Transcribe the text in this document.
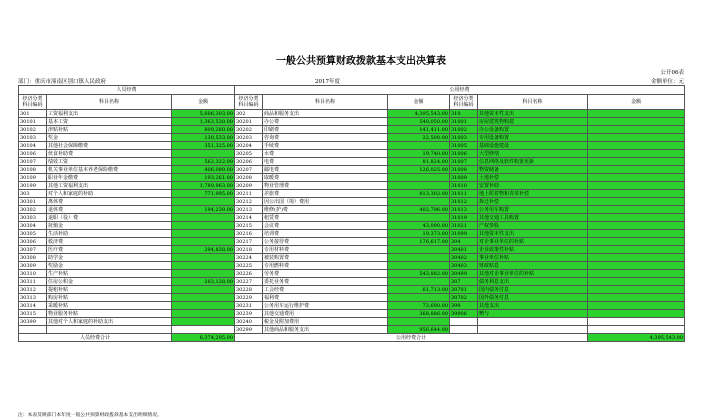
一般公共预算财政拨款基本支出决算表
公开06表
部门：重庆市潼南区别口镇人民政府	2017年度	金额单位：元
人员经费			公用经费					

经济分类
科目编码	科目名称	金额	经济分类
科目编码	科目名称	金额	经济分类
科目编码	科目名称	金额
301	工资福利支出	5,606,303.00	302	商品和服务支出	4,395,543.00	310	其他资本性支出	
30101	基本工资	1,363,530.00	30201	办公费	540,050.00	31001	房屋建筑物购建	
30102	津贴补贴	809,280.00	30202	印刷费	141,411.00	31002	办公设备购置	
30103	奖金	130,533.00	30203	咨询费	22,500.00	31003	专用设备购置	
30104	其他社会保障缴费	351,325.00	30204	手续费		31005	基础设施建设	
30106	伙食补助费		30205	水费	19,740.00	31006	大型修缮	
30107	绩效工资	562,322.00	30206	电费	81,824.00	31007	信息网络及软件购置更新	
30108	机关事业单位基本养老保险缴费	406,089.00	30207	邮电费	126,025.00	31008	物资储备	
30109	职业年金缴费	193,261.00	30208	取暖费		31009	土地补偿	
30199	其他工资福利支出	1,789,963.00	30209	物业管理费		31010	安置补助	
303	对个人和家庭的补助	771,995.00	30211	差旅费	813,302.00	31011	地上附着物和青苗补偿	
30301	离休费		30212	因公出国（境）费用		31012	拆迁补偿	
30302	退休费	194,239.00	30213	维修(护)费	402,796.00	31013	公务用车购置	
30303	退职（役）费		30214	租赁费		31019	其他交通工具购置	
30304	抚恤金		30215	会议费	43,090.00	31021	产权参股	
30305	生活补助		30216	培训费	19,373.00	31099	其他资本性支出	
30306	救济费		30217	公务接待费	176,617.00	304	对企事业单位的补贴	
30307	医疗费	294,828.00	30218	专用材料费		30401	企业政策性补贴	
30308	助学金		30224	被装购置费		30402	事业单位补贴	
30309	奖励金		30225	专用燃料费		30403	财政贴息	
30310	生产补贴		30226	劳务费	543,882.00	30499	其他对企事业单位的补贴	
30311	住房公积金	283,128.00	30227	委托业务费		307	债务利息支出	
30312	提租补贴		30228	工会经费	61,713.00	30701	国内债务付息	
30313	购房补贴		30229	福利费		30702	国外债务付息	
30314	采暖补贴		30231	公务用车运行维护费	73,690.00	399	其他支出	
30315	物业服务补贴		30239	其他交通费用	368,886.00	39906	赠与	
30399	其他对个人和家庭的补助支出		30240	税金及附加费用				
			30299	其他商品和服务支出	956,644.00			
人员经费合计		6,374,295.00	公用经费合计					4,395,543.00
注：本表反映部门本年度一般公共预算财政拨款基本支出明细情况。
